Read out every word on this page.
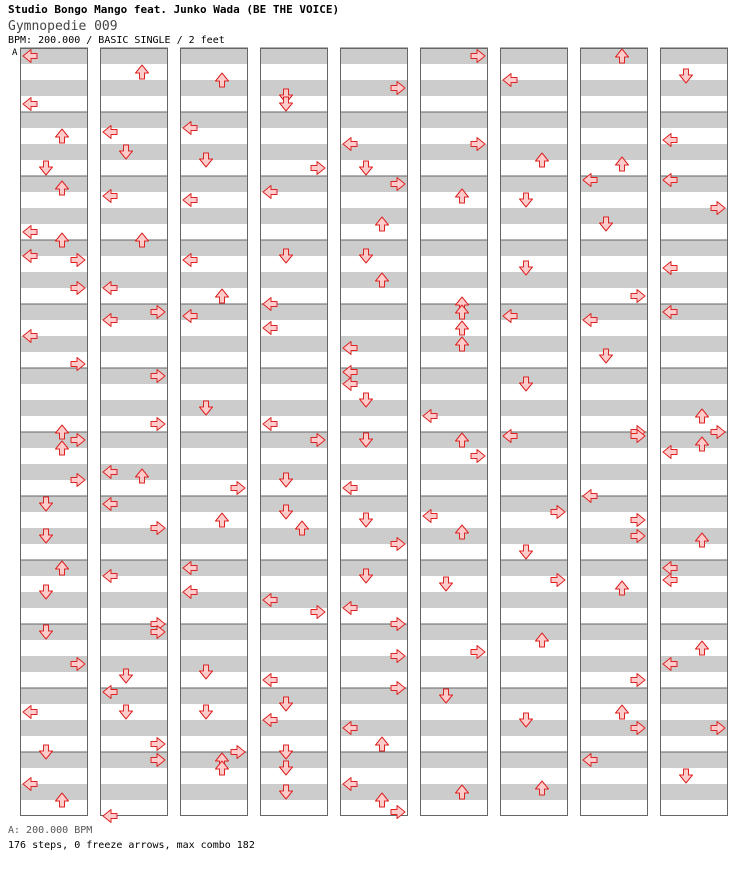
Studio Bongo Mango feat. Junko Wada (BE THE VOICE)
Gymnopedie 009
BPM: 200.000 / BASIC SINGLE / 2 feet
A
A: 200.000 BPM
176 steps, 0 freeze arrows, max combo 182
